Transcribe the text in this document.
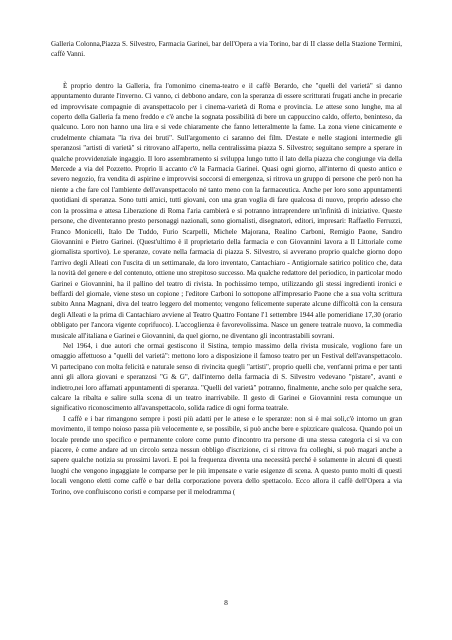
Galleria Colonna,Piazza S. Silvestro, Farmacia Garinei, bar dell'Opera a via Torino, bar di II classe della Stazione Termini, caffè Vanni.

È proprio dentro la Galleria, fra l'omonimo cinema-teatro e il caffè Berardo, che "quelli del varietà" si danno appuntamento durante l'inverno. Ci vanno, ci debbono andare, con la speranza di essere scritturati frugati anche in precarie ed improvvisate compagnie di avanspettacolo per i cinema-varietà di Roma e provincia. Le attese sono lunghe, ma al coperto della Galleria fa meno freddo e c'è anche la sognata possibilità di bere un cappuccino caldo, offerto, beninteso, da qualcuno. Loro non hanno una lira e si vede chiaramente che fanno letteralmente la fame. La zona viene cinicamente e crudelmente chiamata "la riva dei bruti". Sull'argomento ci saranno dei film. D'estate e nelle stagioni intermedie gli speranzosi "artisti di varietà" si ritrovano all'aperto, nella centralissima piazza S. Silvestro; seguitano sempre a sperare in qualche provvidenziale ingaggio. Il loro assembramento si sviluppa lungo tutto il lato della piazza che congiunge via della Mercede a via del Pozzetto. Proprio lì accanto c'è la Farmacia Garinei. Quasi ogni giorno, all'interno di questo antico e severo negozio, fra vendita di aspirine e improvvisi soccorsi di emergenza, si ritrova un gruppo di persone che però non ha niente a che fare col l'ambiente dell'avanspettacolo né tanto meno con la farmaceutica. Anche per loro sono appuntamenti quotidiani di speranza. Sono tutti amici, tutti giovani, con una gran voglia di fare qualcosa di nuovo, proprio adesso che con la prossima e attesa Liberazione di Roma l'aria cambierà e si potranno intraprendere un'infinità di iniziative. Queste persone, che diventeranno presto personaggi nazionali, sono giornalisti, disegnatori, editori, impresari: Raffaello Ferruzzi, Franco Monicelli, Italo De Tuddo, Furio Scarpelli, Michele Majorana, Realino Carboni, Remigio Paone, Sandro Giovannini e Pietro Garinei. (Quest'ultimo è il proprietario della farmacia e con Giovannini lavora a Il Littoriale come giornalista sportivo). Le speranze, covate nella farmacia di piazza S. Silvestro, si avverano proprio qualche giorno dopo l'arrivo degli Alleati con l'uscita di un settimanale, da loro inventato, Cantachiaro - Antigiornale satirico politico che, data la novità del genere e del contenuto, ottiene uno strepitoso successo. Ma qualche redattore del periodico, in particolar modo Garinei e Giovannini, ha il pallino del teatro di rivista. In pochissimo tempo, utilizzando gli stessi ingredienti ironici e beffardi del giornale, viene steso un copione ; l'editore Carboni lo sottopone all'impresario Paone che a sua volta scrittura subito Anna Magnani, diva del teatro leggero del momento; vengono felicemente superate alcune difficoltà con la censura degli Alleati e la prima di Cantachiaro avviene al Teatro Quattro Fontane l'1 settembre 1944 alle pomeridiane 17,30 (orario obbligato per l'ancora vigente coprifuoco). L'accoglienza è favorevolissima. Nasce un genere teatrale nuovo, la commedia musicale all'italiana e Garinei e Giovannini, da quel giorno, ne diventano gli incontrastabili sovrani.

Nel 1964, i due autori che ormai gestiscono il Sistina, tempio massimo della rivista musicale, vogliono fare un omaggio affettuoso a "quelli del varietà": mettono loro a disposizione il famoso teatro per un Festival dell'avanspettacolo. Vi partecipano con molta felicità e naturale senso di rivincita quegli "artisti", proprio quelli che, vent'anni prima e per tanti anni gli allora giovani e speranzosi "G & G", dall'interno della farmacia di S. Silvestro vedevano "pistare", avanti e indietro,nei loro affamati appuntamenti di speranza. "Quelli del varietà" potranno, finalmente, anche solo per qualche sera, calcare la ribalta e salire sulla scena di un teatro inarrivabile. Il gesto di Garinei e Giovannini resta comunque un significativo riconoscimento all'avanspettacolo, solida radice di ogni forma teatrale.

I caffè e i bar rimangono sempre i posti più adatti per le attese e le speranze: non si è mai soli,c'è intorno un gran movimento, il tempo noioso passa più velocemente e, se possibile, si può anche bere e spizzicare qualcosa. Quando poi un locale prende uno specifico e permanente colore come punto d'incontro tra persone di una stessa categoria ci si va con piacere, è come andare ad un circolo senza nessun obbligo d'iscrizione, ci si ritrova fra colleghi, si può magari anche a sapere qualche notizia su prossimi lavori. E poi la frequenza diventa una necessità perché è solamente in alcuni di questi luoghi che vengono ingaggiate le comparse per le più impensate e varie esigenze di scena. A questo punto molti di questi locali vengono eletti come caffè e bar della corporazione povera dello spettacolo. Ecco allora il caffè dell'Opera a via Torino, ove confluiscono coristi e comparse per il melodramma (

8
